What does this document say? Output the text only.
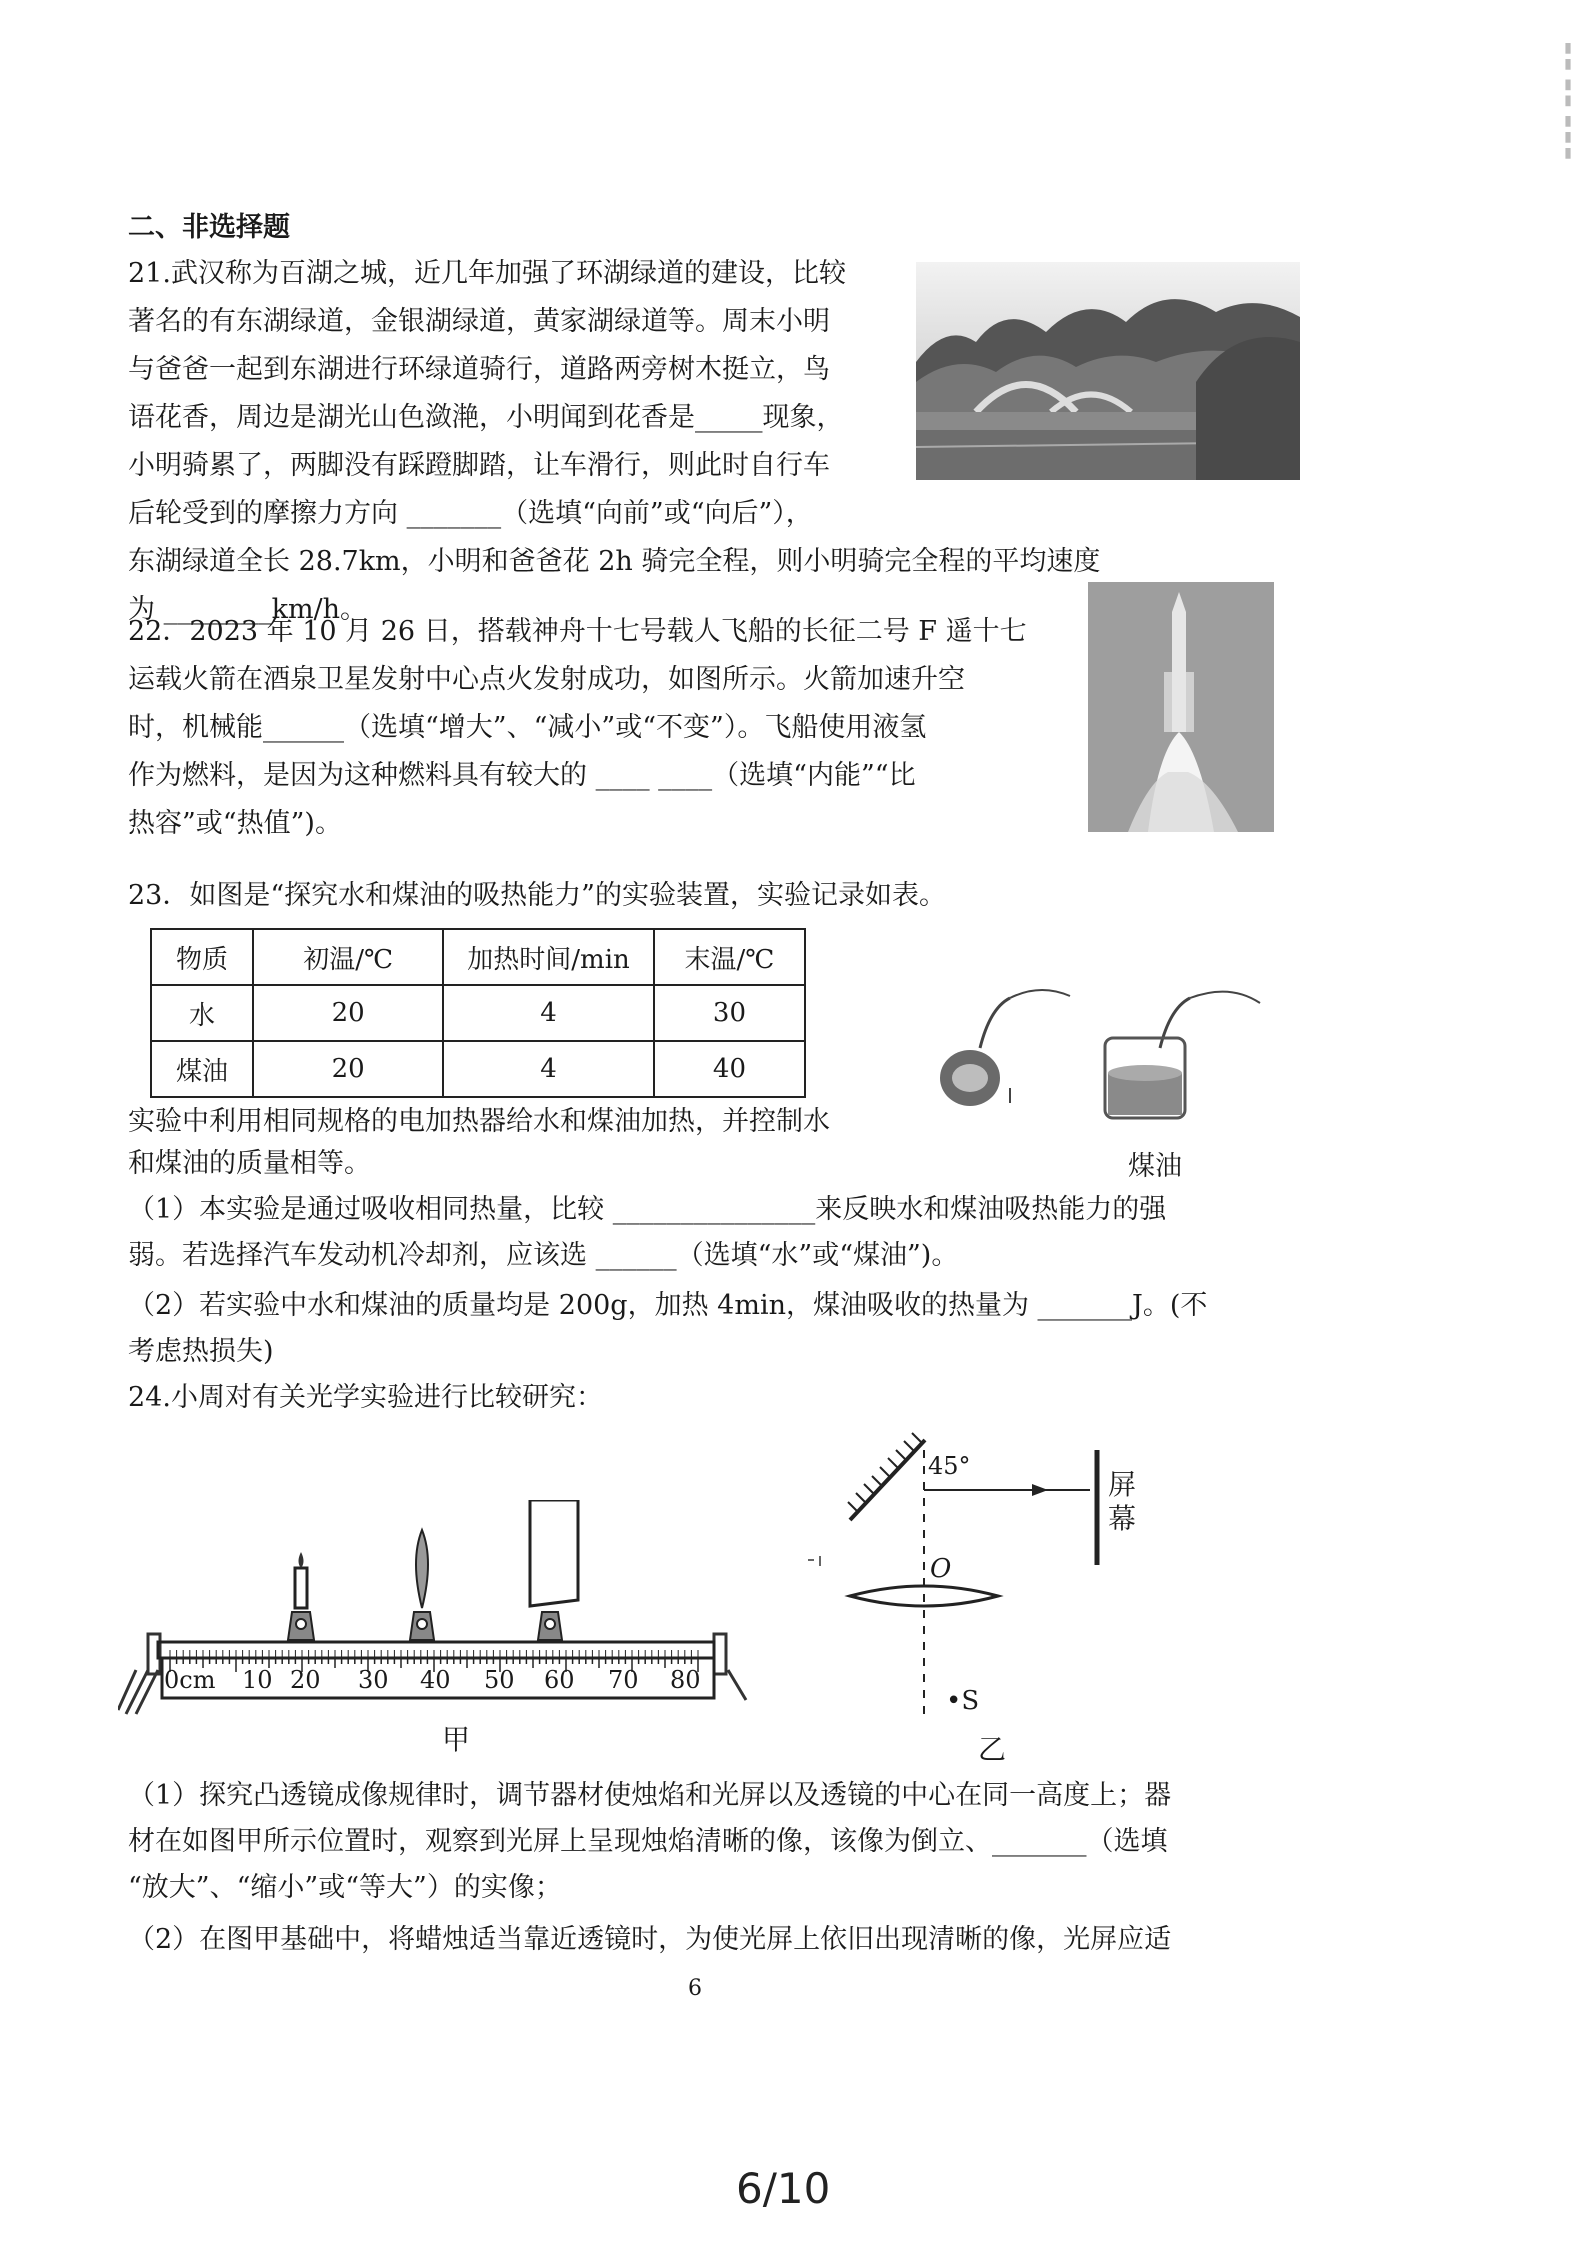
▮▮ ▮▮ ▮▮▮
二、非选择题
21.武汉称为百湖之城，近几年加强了环湖绿道的建设，比较
著名的有东湖绿道，金银湖绿道，黄家湖绿道等。周末小明
与爸爸一起到东湖进行环绿道骑行，道路两旁树木挺立，鸟
语花香，周边是湖光山色潋滟，小明闻到花香是_____现象，
小明骑累了，两脚没有踩蹬脚踏，让车滑行，则此时自行车
后轮受到的摩擦力方向 _______（选填“向前”或“向后”），
东湖绿道全长 28.7km，小明和爸爸花 2h 骑完全程，则小明骑完全程的平均速度
为 ________km/h。
22．2023 年 10 月 26 日，搭载神舟十七号载人飞船的长征二号 F 遥十七
运载火箭在酒泉卫星发射中心点火发射成功，如图所示。火箭加速升空
时，机械能______（选填“增大”、“减小”或“不变”）。飞船使用液氢
作为燃料，是因为这种燃料具有较大的 ____ ____（选填“内能”“比
热容”或“热值”)。
23．如图是“探究水和煤油的吸热能力”的实验装置，实验记录如表。
物质	初温/℃	加热时间/min	末温/℃
水	20	4	30
煤油	20	4	40
煤油
实验中利用相同规格的电加热器给水和煤油加热，并控制水
和煤油的质量相等。
（1）本实验是通过吸收相同热量，比较 _______________来反映水和煤油吸热能力的强
弱。若选择汽车发动机冷却剂，应该选 ______（选填“水”或“煤油”)。
（2）若实验中水和煤油的质量均是 200g，加热 4min，煤油吸收的热量为 _______J。(不
考虑热损失)
24.小周对有关光学实验进行比较研究：
0cm 10 20 30 40 50 60 70 80
甲
45°
屏幕
O
•S
乙
（1）探究凸透镜成像规律时，调节器材使烛焰和光屏以及透镜的中心在同一高度上；器
材在如图甲所示位置时，观察到光屏上呈现烛焰清晰的像，该像为倒立、_______（选填
“放大”、“缩小”或“等大”）的实像；
（2）在图甲基础中，将蜡烛适当靠近透镜时，为使光屏上依旧出现清晰的像，光屏应适
6
6/10
